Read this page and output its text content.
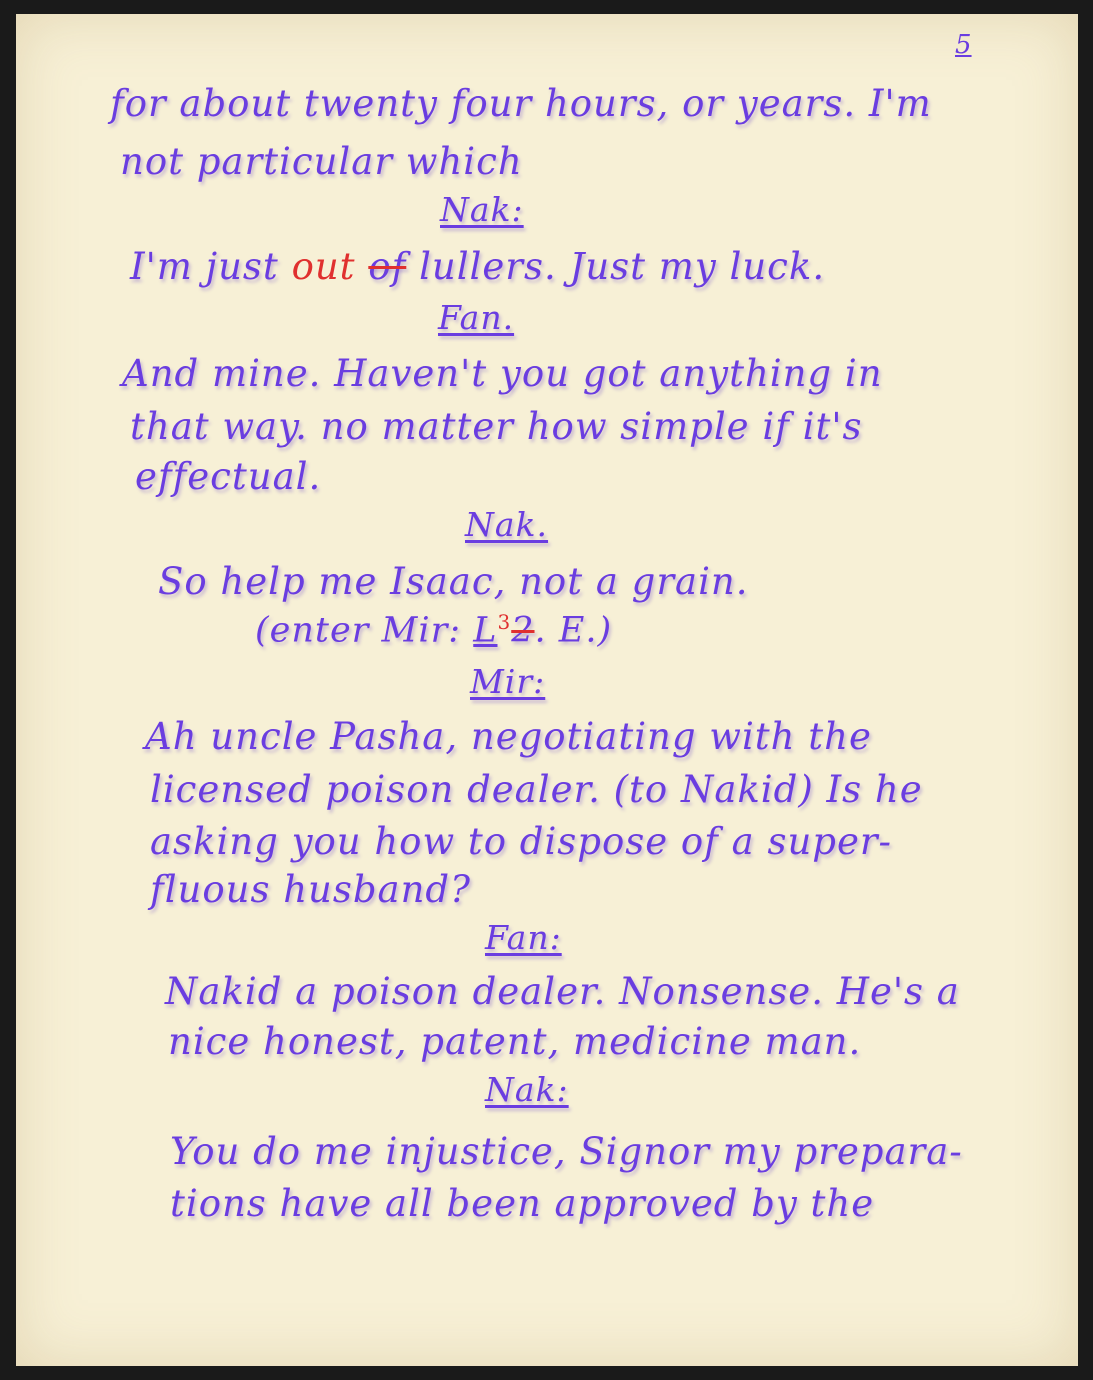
5
for about twenty four hours, or years. I'm
not particular which
Nak:
I'm just out of lullers. Just my luck.
Fan.
And mine. Haven't you got anything in
that way. no matter how simple if it's
effectual.
Nak.
So help me Isaac, not a grain.
(enter Mir: $L^32$. E.)
Mir:
Ah uncle Pasha, negotiating with the
licensed poison dealer. (to Nakid) Is he
asking you how to dispose of a super-
fluous husband?
Fan:
Nakid a poison dealer. Nonsense. He's a
nice honest, patent, medicine man.
Nak:
You do me injustice, Signor my prepara-
tions have all been approved by the
